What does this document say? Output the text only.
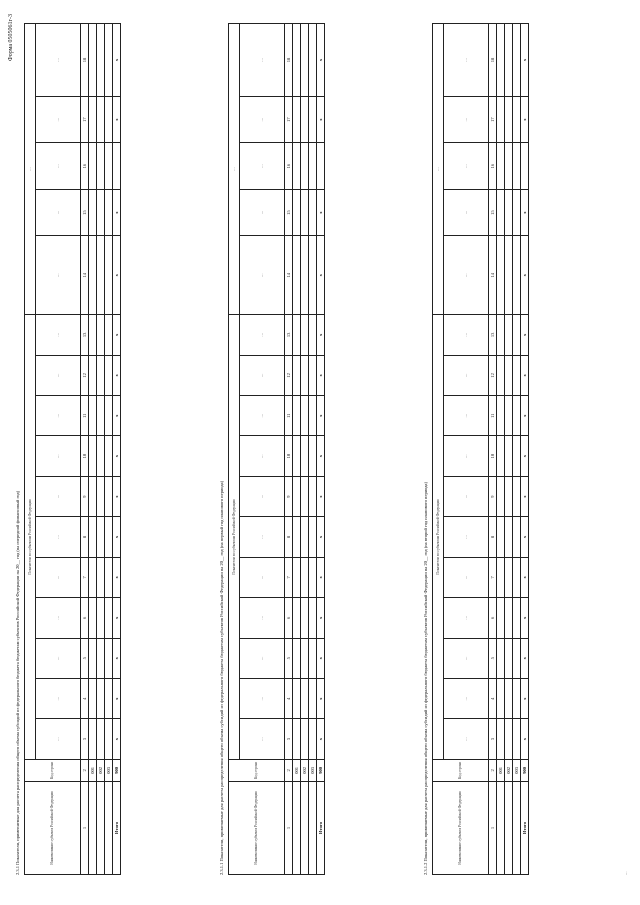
Форма 0505061г-3
2.3.1 Показатели, применяемые для расчета распределения общего объема субсидий из федерального бюджета бюджетам субъектов Российской Федерации на 20__ год (на очередной финансовый год)	Наименование субъекта Российской Федерации	Код строки	Показатели по субъектам Российской Федерации											…				

		…	…	…	…	…	…	…	…	…	…	…	…	…	…	…	…

1	2	3	4	5	6	7	8	9	10	11	12	13	14	15	16	17	18
	001																
	002																
	003																
Итого	900	x	x	x	x	x	x	x	x	x	x	x	x	x		x	x
2.3.1.1 Показатели, применяемые для расчета распределения общего объема субсидий из федерального бюджета бюджетам субъектов Российской Федерации на 20__ год (на первый год планового периода)	Наименование субъекта Российской Федерации	Код строки	Показатели по субъектам Российской Федерации											…				

		…	…	…	…	…	…	…	…	…	…	…	…	…	…	…	…

1	2	3	4	5	6	7	8	9	10	11	12	13	14	15	16	17	18
	001																
	002																
	003																
Итого	900	x	x	x	x	x	x	x	x	x	x	x	x	x		x	x
2.3.1.2 Показатели, применяемые для расчета распределения общего объема субсидий из федерального бюджета бюджетам субъектов Российской Федерации на 20__ год (на второй год планового периода)	Наименование субъекта Российской Федерации	Код строки	Показатели по субъектам Российской Федерации											…				

		…	…	…	…	…	…	…	…	…	…	…	…	…	…	…	…

1	2	3	4	5	6	7	8	9	10	11	12	13	14	15	16	17	18
	001																
	002																
	003																
Итого	900	x	x	x	x	x	x	x	x	x	x	x	x	x		x	x
…
